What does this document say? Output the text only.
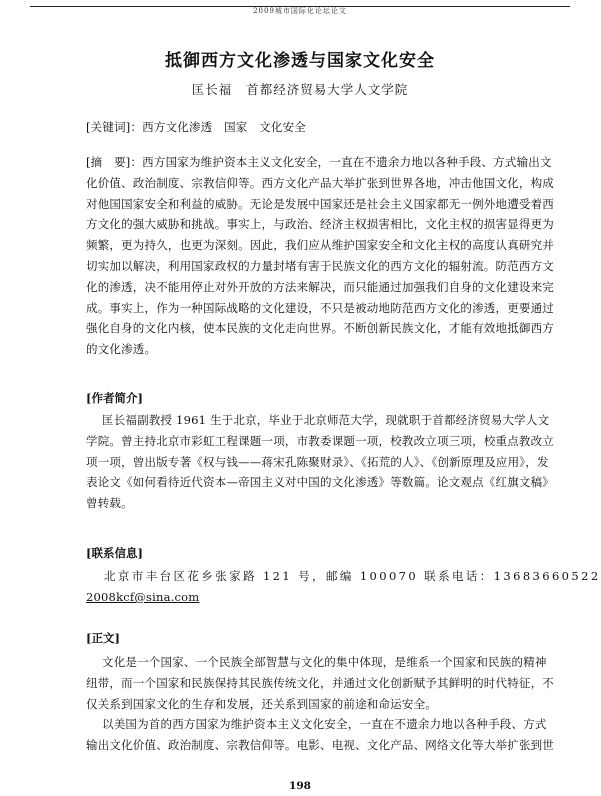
2009城市国际化论坛论文
抵御西方文化渗透与国家文化安全
匡长福 首都经济贸易大学人文学院
[关键词]：西方文化渗透　国家　文化安全
[摘　要]：西方国家为维护资本主义文化安全，一直在不遗余力地以各种手段、方式输出文
化价值、政治制度、宗教信仰等。西方文化产品大举扩张到世界各地，冲击他国文化，构成
对他国国家安全和利益的威胁。无论是发展中国家还是社会主义国家都无一例外地遭受着西
方文化的强大威胁和挑战。事实上，与政治、经济主权损害相比，文化主权的损害显得更为
频繁，更为持久，也更为深刻。因此，我们应从维护国家安全和文化主权的高度认真研究并
切实加以解决，利用国家政权的力量封堵有害于民族文化的西方文化的辐射流。防范西方文
化的渗透，决不能用停止对外开放的方法来解决，而只能通过加强我们自身的文化建设来完
成。事实上，作为一种国际战略的文化建设，不只是被动地防范西方文化的渗透，更要通过
强化自身的文化内核，使本民族的文化走向世界。不断创新民族文化，才能有效地抵御西方
的文化渗透。
[作者简介]
匡长福副教授 1961 生于北京，毕业于北京师范大学，现就职于首都经济贸易大学人文
学院。曾主持北京市彩虹工程课题一项，市教委课题一项，校教改立项三项，校重点教改立
项一项，曾出版专著《权与钱——蒋宋孔陈聚财录》、《拓荒的人》、《创新原理及应用》，发
表论文《如何看待近代资本—帝国主义对中国的文化渗透》等数篇。论文观点《红旗文稿》
曾转载。
[联系信息]
北京市丰台区花乡张家路 121 号，邮编 100070 联系电话：13683660522
2008kcf@sina.com
[正文]
文化是一个国家、一个民族全部智慧与文化的集中体现，是维系一个国家和民族的精神
纽带，而一个国家和民族保持其民族传统文化，并通过文化创新赋予其鲜明的时代特征，不
仅关系到国家文化的生存和发展，还关系到国家的前途和命运安全。
以美国为首的西方国家为维护资本主义文化安全，一直在不遗余力地以各种手段、方式
输出文化价值、政治制度、宗教信仰等。电影、电视、文化产品、网络文化等大举扩张到世
198
